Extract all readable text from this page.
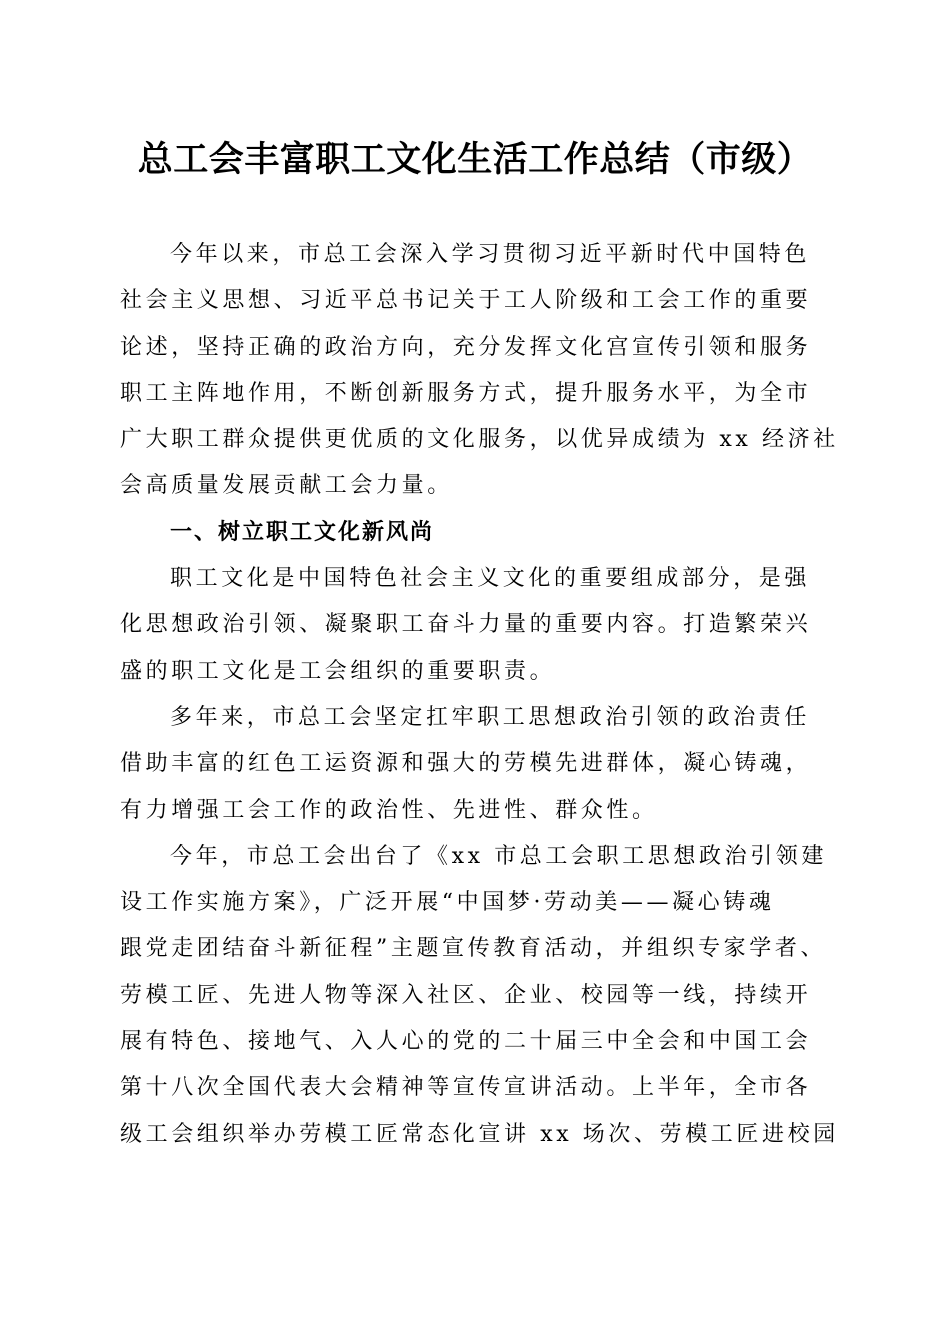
总工会丰富职工文化生活工作总结（市级）
今年以来，市总工会深入学习贯彻习近平新时代中国特色
社会主义思想、习近平总书记关于工人阶级和工会工作的重要
论述，坚持正确的政治方向，充分发挥文化宫宣传引领和服务
职工主阵地作用，不断创新服务方式，提升服务水平，为全市
广大职工群众提供更优质的文化服务，以优异成绩为 xx 经济社
会高质量发展贡献工会力量。
一、树立职工文化新风尚
职工文化是中国特色社会主义文化的重要组成部分，是强
化思想政治引领、凝聚职工奋斗力量的重要内容。打造繁荣兴
盛的职工文化是工会组织的重要职责。
多年来，市总工会坚定扛牢职工思想政治引领的政治责任
借助丰富的红色工运资源和强大的劳模先进群体，凝心铸魂，
有力增强工会工作的政治性、先进性、群众性。
今年，市总工会出台了《xx 市总工会职工思想政治引领建
设工作实施方案》，广泛开展“中国梦·劳动美——凝心铸魂
跟党走团结奋斗新征程”主题宣传教育活动，并组织专家学者、
劳模工匠、先进人物等深入社区、企业、校园等一线，持续开
展有特色、接地气、入人心的党的二十届三中全会和中国工会
第十八次全国代表大会精神等宣传宣讲活动。上半年，全市各
级工会组织举办劳模工匠常态化宣讲 xx 场次、劳模工匠进校园
